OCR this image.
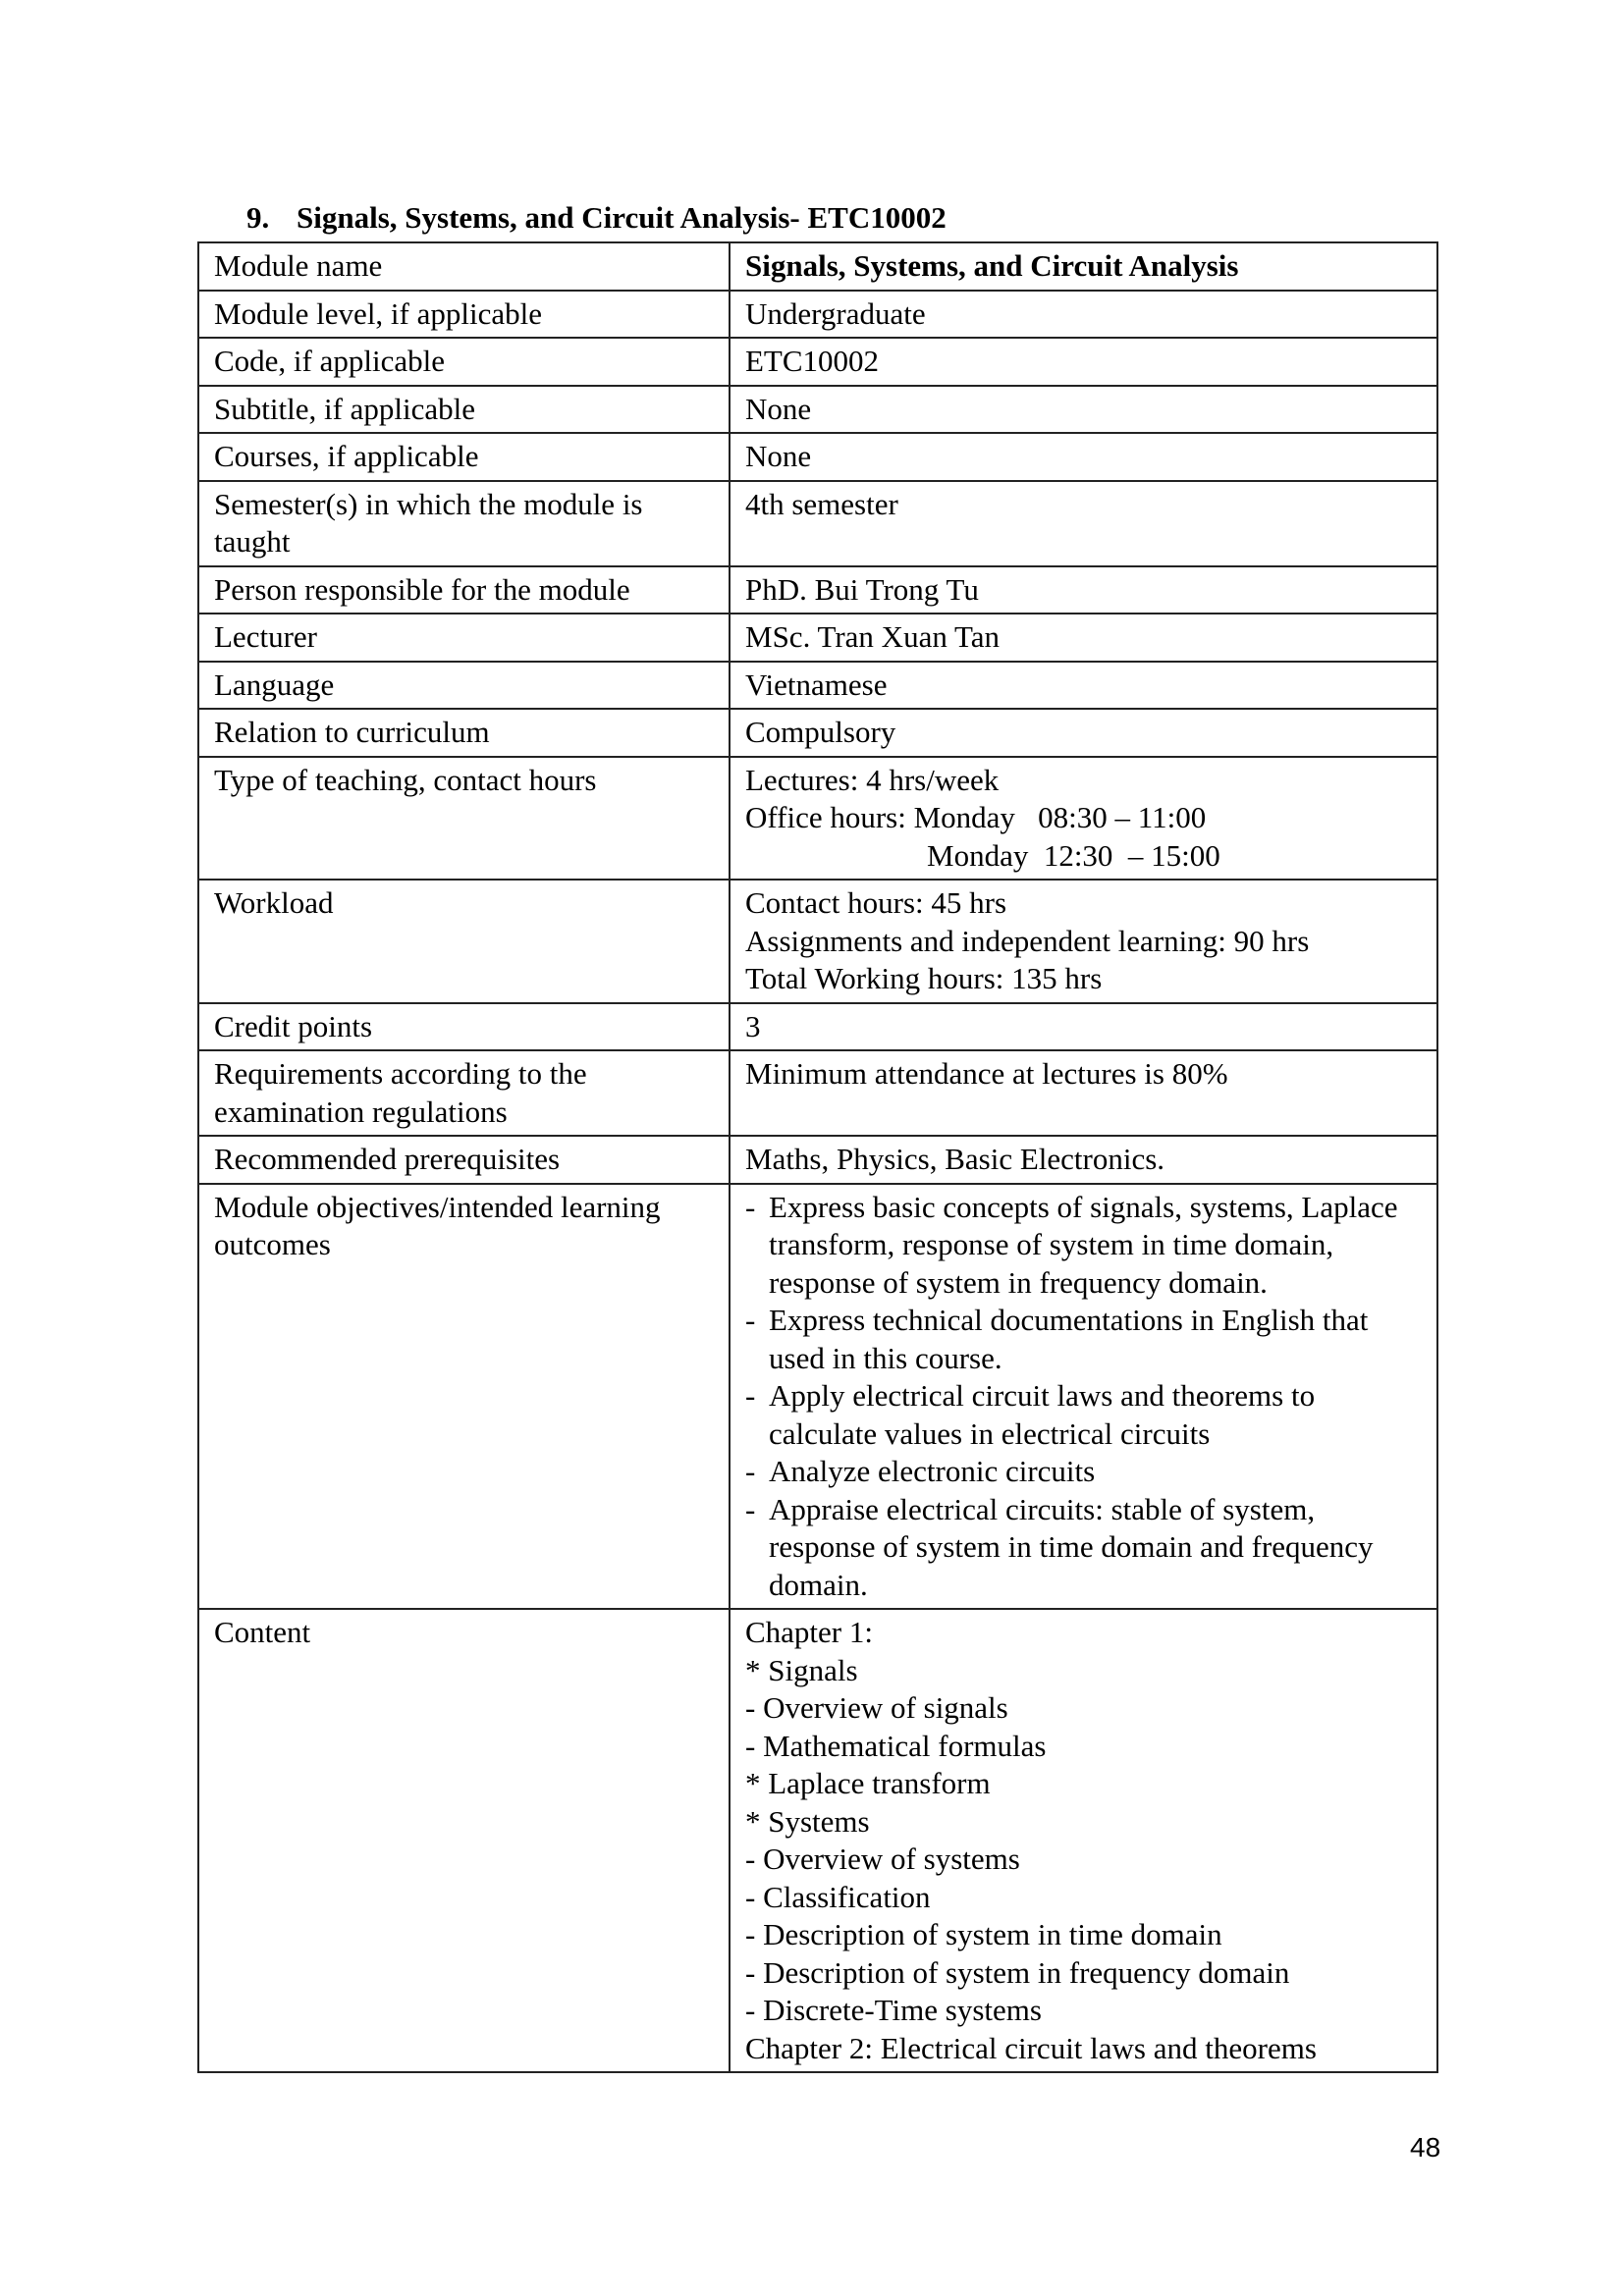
9. Signals, Systems, and Circuit Analysis- ETC10002
Module name	Signals, Systems, and Circuit Analysis
Module level, if applicable	Undergraduate
Code, if applicable	ETC10002
Subtitle, if applicable	None
Courses, if applicable	None
Semester(s) in which the module is taught	4th semester
Person responsible for the module	PhD. Bui Trong Tu
Lecturer	MSc. Tran Xuan Tan
Language	Vietnamese
Relation to curriculum	Compulsory
Type of teaching, contact hours	Lectures: 4 hrs/week
Office hours: Monday   08:30 – 11:00
Monday  12:30  – 15:00

Workload	Contact hours: 45 hrs
Assignments and independent learning: 90 hrs
Total Working hours: 135 hrs

Credit points	3
Requirements according to the examination regulations	Minimum attendance at lectures is 80%
Recommended prerequisites	Maths, Physics, Basic Electronics.
Module objectives/intended learning outcomes	
- Express basic concepts of signals, systems, Laplace transform, response of system in time domain, response of system in frequency domain.
- Express technical documentations in English that used in this course.
- Apply electrical circuit laws and theorems to calculate values in electrical circuits
- Analyze electronic circuits
- Appraise electrical circuits: stable of system, response of system in time domain and frequency domain.

Content	Chapter 1:
* Signals
- Overview of signals
- Mathematical formulas
* Laplace transform
* Systems
- Overview of systems
- Classification
- Description of system in time domain
- Description of system in frequency domain
- Discrete-Time systems
Chapter 2: Electrical circuit laws and theorems
48
